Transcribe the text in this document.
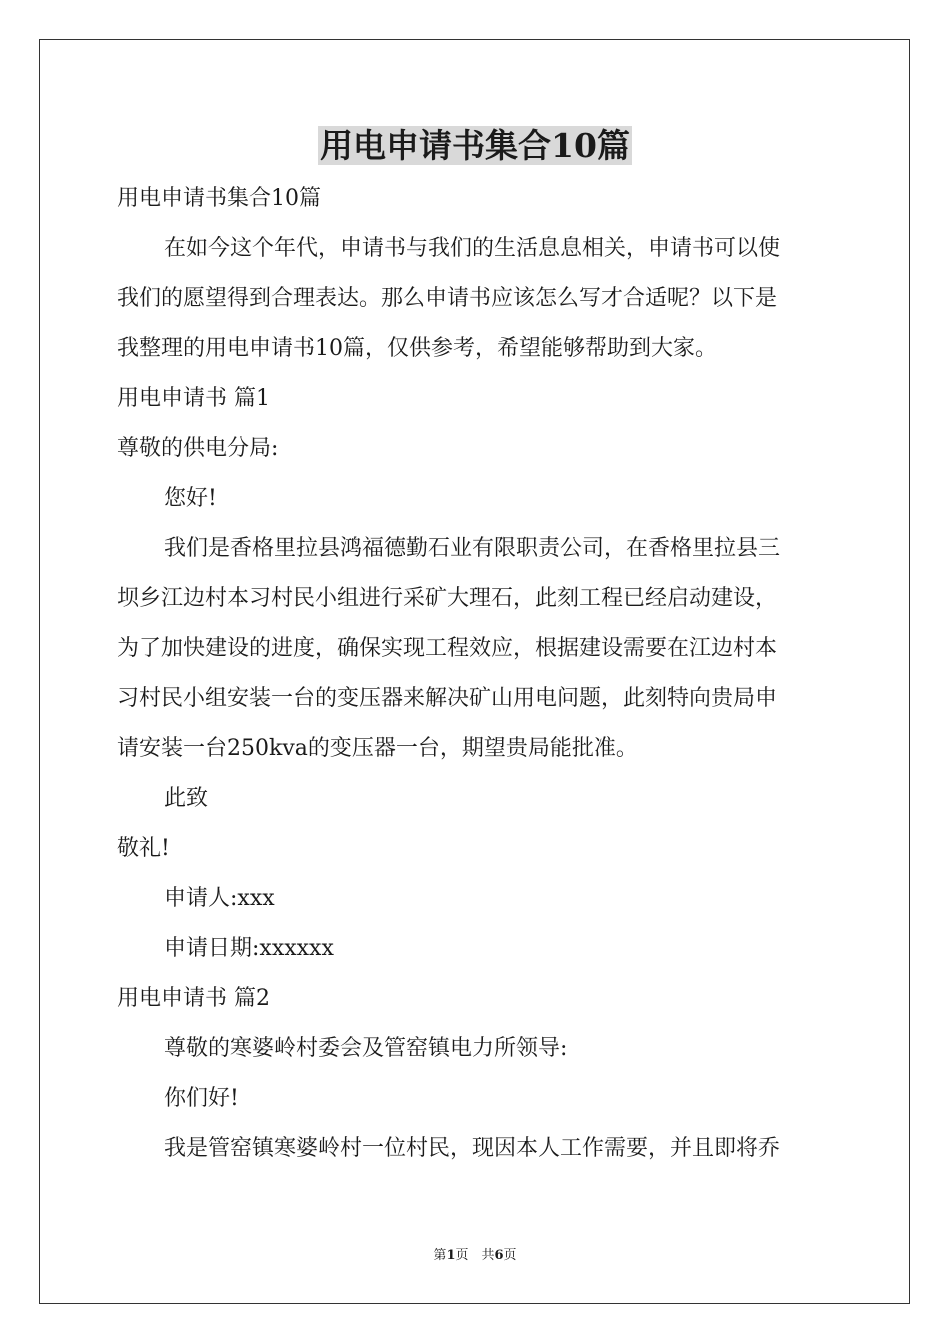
用电申请书集合10篇
用电申请书集合10篇
在如今这个年代，申请书与我们的生活息息相关，申请书可以使
我们的愿望得到合理表达。那么申请书应该怎么写才合适呢？以下是
我整理的用电申请书10篇，仅供参考，希望能够帮助到大家。
用电申请书 篇1
尊敬的供电分局:
您好!
我们是香格里拉县鸿福德勤石业有限职责公司，在香格里拉县三
坝乡江边村本习村民小组进行采矿大理石，此刻工程已经启动建设，
为了加快建设的进度，确保实现工程效应，根据建设需要在江边村本
习村民小组安装一台的变压器来解决矿山用电问题，此刻特向贵局申
请安装一台250kva的变压器一台，期望贵局能批准。
此致
敬礼!
申请人:xxx
申请日期:xxxxxx
用电申请书 篇2
尊敬的寒婆岭村委会及管窑镇电力所领导:
你们好!
我是管窑镇寒婆岭村一位村民，现因本人工作需要，并且即将乔
第1页　共6页
